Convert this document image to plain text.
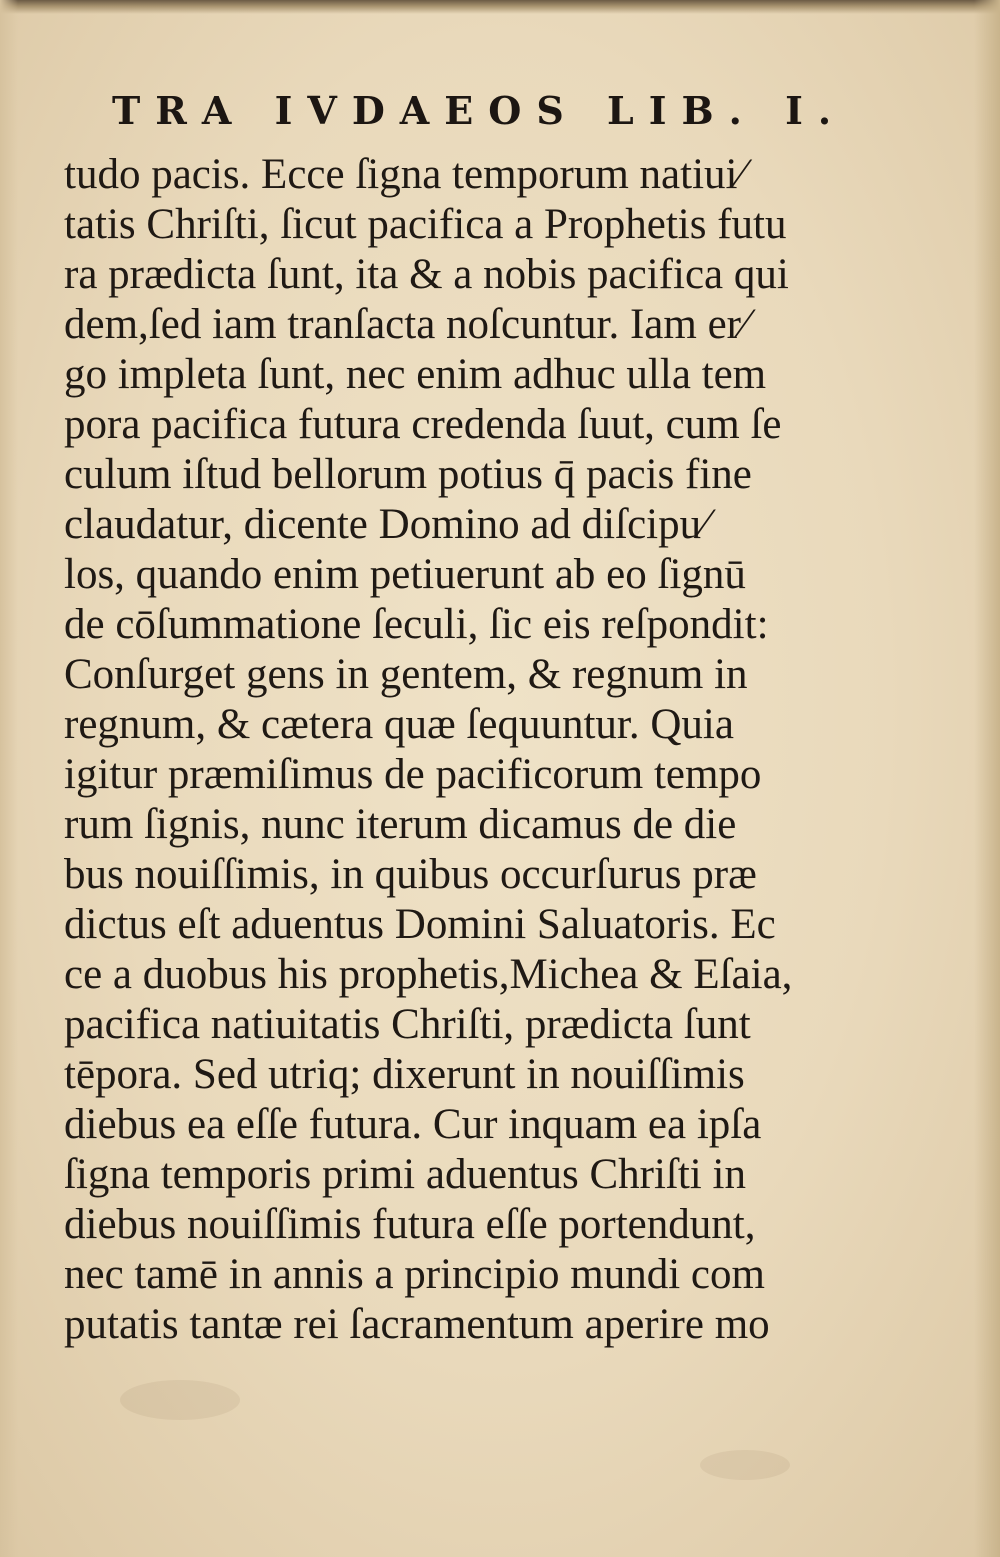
TRA IVDAEOS LIB. I.
tudo pacis. Ecce ſigna temporum natiui⁄
tatis Chriſti, ſicut pacifica a Prophetis futu
ra prædicta ſunt, ita & a nobis pacifica qui
dem,ſed iam tranſacta noſcuntur. Iam er⁄
go impleta ſunt, nec enim adhuc ulla tem
pora pacifica futura credenda ſuut, cum ſe
culum iſtud bellorum potius q̄ pacis fine
claudatur, dicente Domino ad diſcipu⁄
los, quando enim petiuerunt ab eo ſignū
de cōſummatione ſeculi, ſic eis reſpondit:
Conſurget gens in gentem, & regnum in
regnum, & cætera quæ ſequuntur. Quia
igitur præmiſimus de pacificorum tempo
rum ſignis, nunc iterum dicamus de die
bus nouiſſimis, in quibus occurſurus præ
dictus eſt aduentus Domini Saluatoris. Ec
ce a duobus his prophetis,Michea & Eſaia,
pacifica natiuitatis Chriſti, prædicta ſunt
tēpora. Sed utriq; dixerunt in nouiſſimis
diebus ea eſſe futura. Cur inquam ea ipſa
ſigna temporis primi aduentus Chriſti in
diebus nouiſſimis futura eſſe portendunt,
nec tamē in annis a principio mundi com
putatis tantæ rei ſacramentum aperire mo
